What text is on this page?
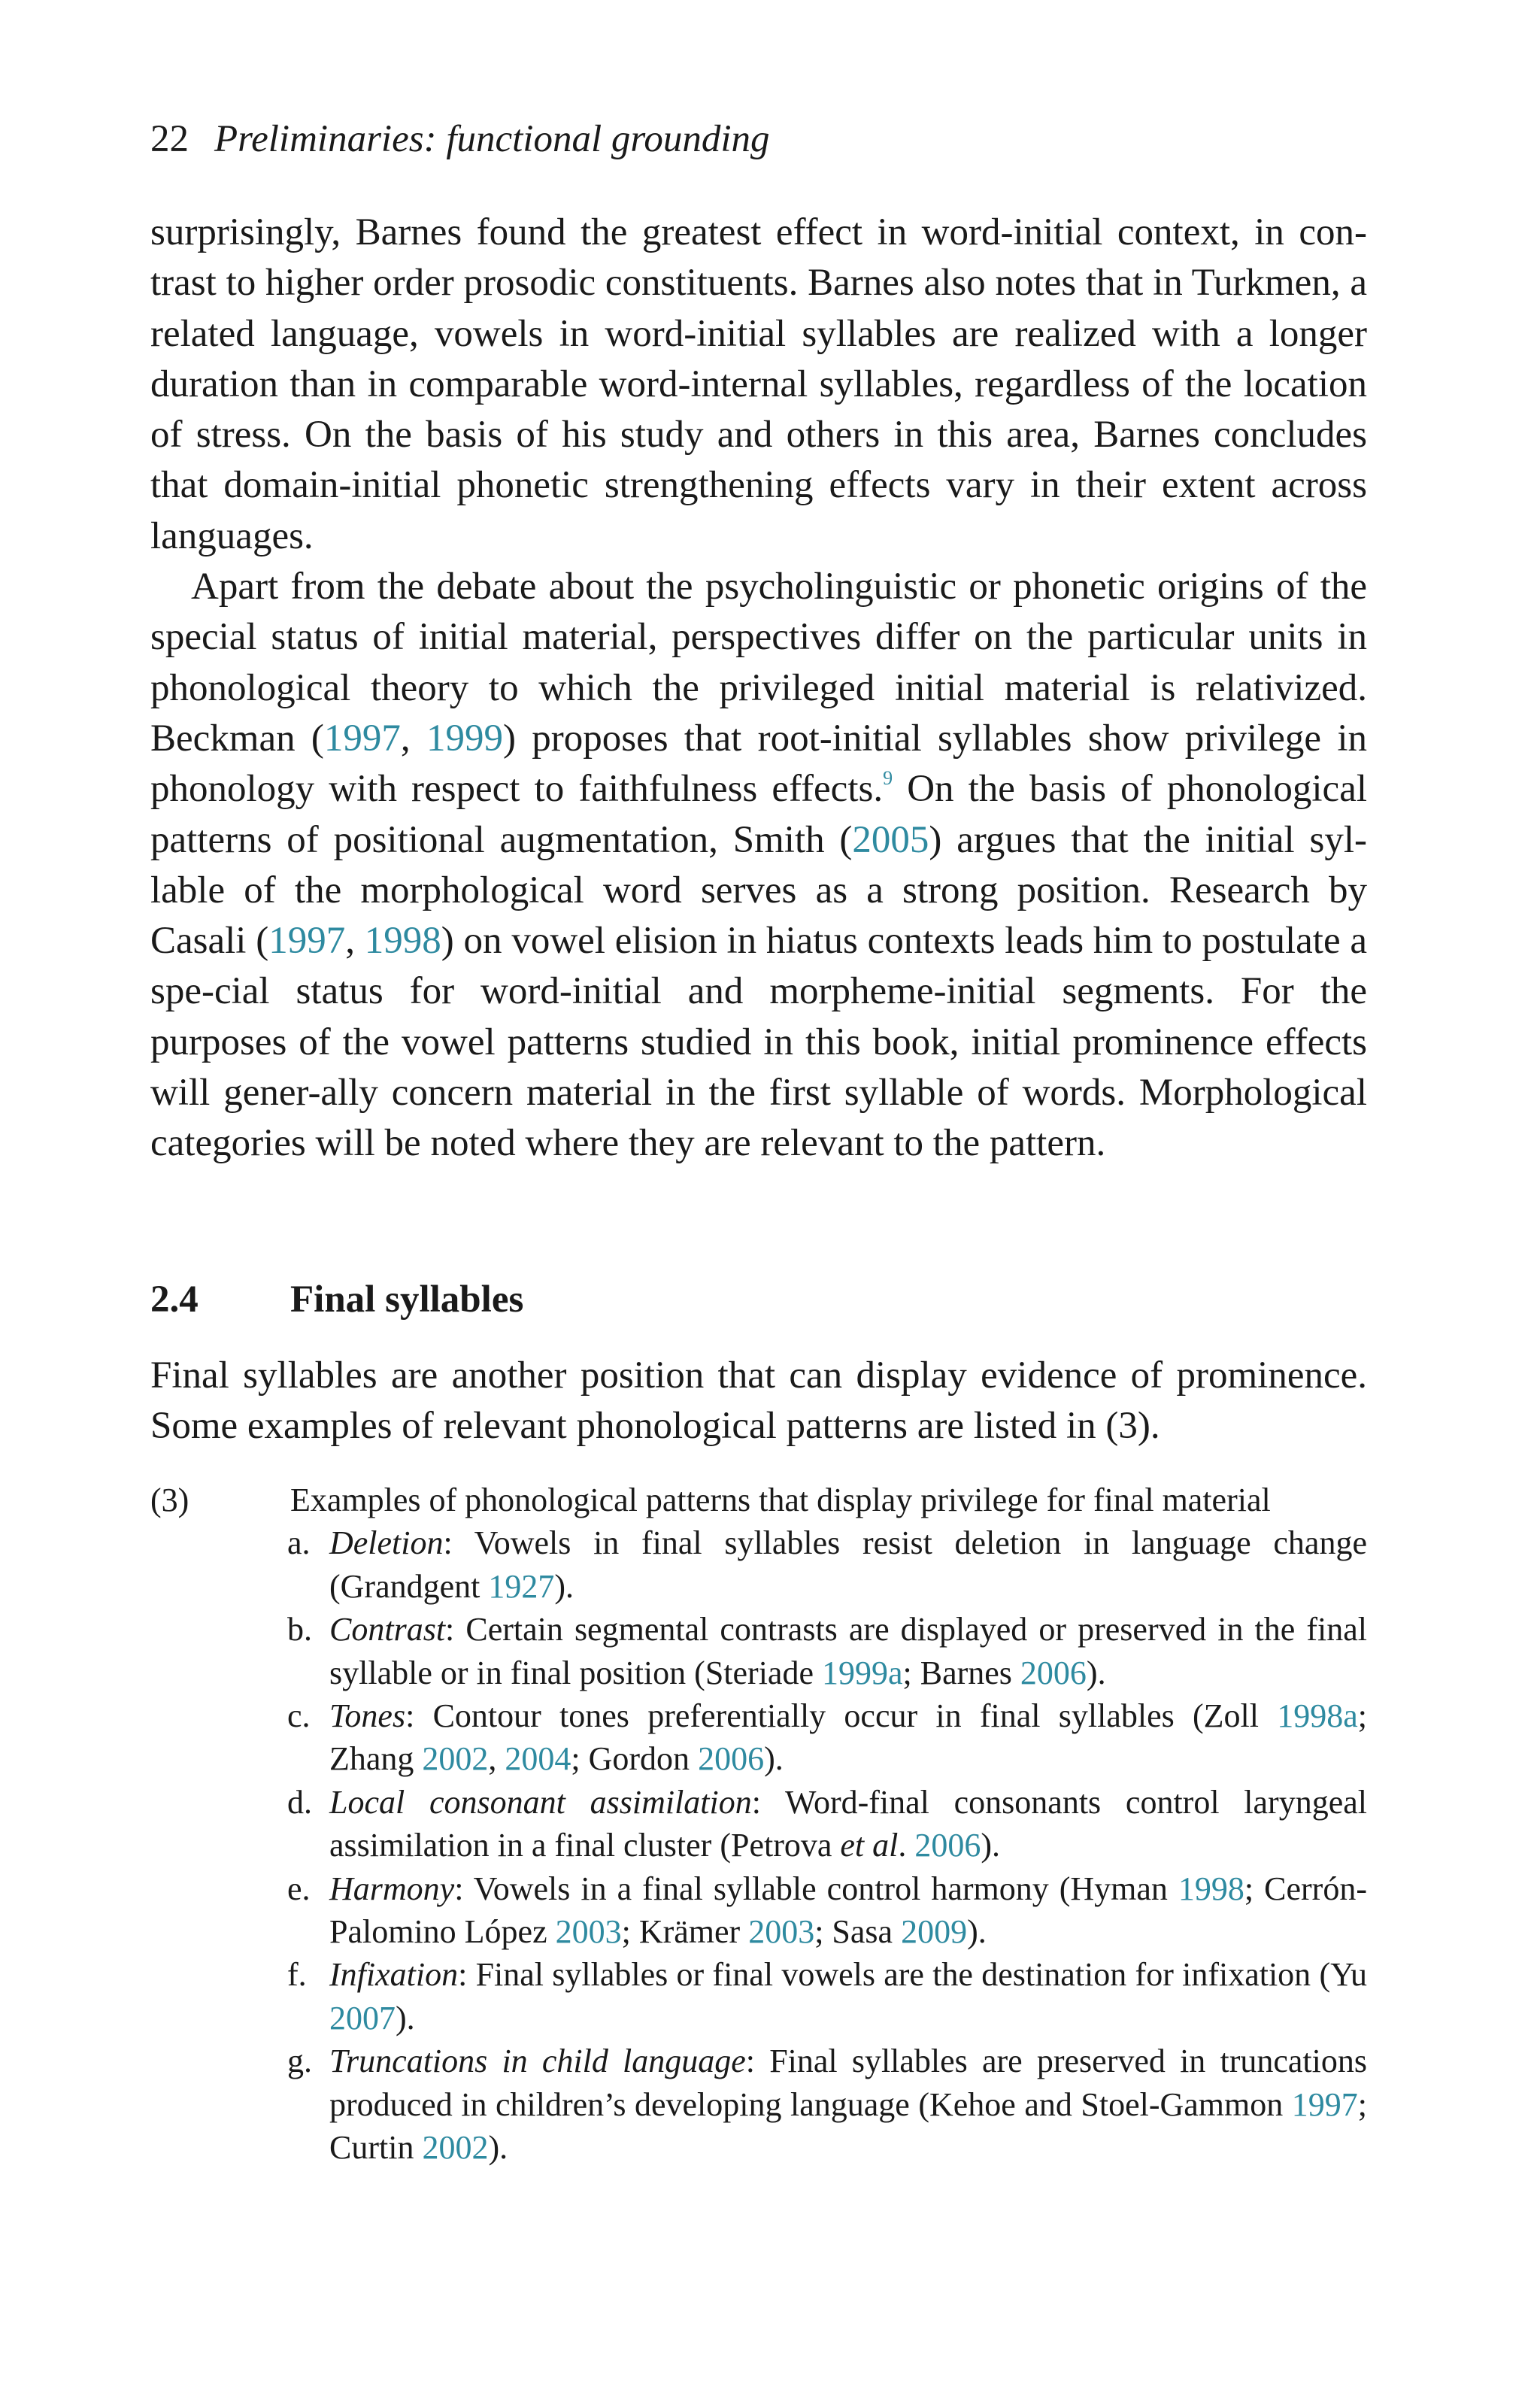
22 Preliminaries: functional grounding

surprisingly, Barnes found the greatest effect in word-initial context, in con-trast to higher order prosodic constituents. Barnes also notes that in Turkmen, a related language, vowels in word-initial syllables are realized with a longer duration than in comparable word-internal syllables, regardless of the location of stress. On the basis of his study and others in this area, Barnes concludes that domain-initial phonetic strengthening effects vary in their extent across languages.

Apart from the debate about the psycholinguistic or phonetic origins of the special status of initial material, perspectives differ on the particular units in phonological theory to which the privileged initial material is relativized. Beckman (1997, 1999) proposes that root-initial syllables show privilege in phonology with respect to faithfulness effects.$^9$ On the basis of phonological patterns of positional augmentation, Smith (2005) argues that the initial syl-lable of the morphological word serves as a strong position. Research by Casali (1997, 1998) on vowel elision in hiatus contexts leads him to postulate a spe-cial status for word-initial and morpheme-initial segments. For the purposes of the vowel patterns studied in this book, initial prominence effects will gener-ally concern material in the first syllable of words. Morphological categories will be noted where they are relevant to the pattern.

2.4 Final syllables

Final syllables are another position that can display evidence of prominence. Some examples of relevant phonological patterns are listed in (3).

(3)	Examples of phonological patterns that display privilege for final material
a. Deletion: Vowels in final syllables resist deletion in language change (Grandgent 1927).
b. Contrast: Certain segmental contrasts are displayed or preserved in the final syllable or in final position (Steriade 1999a; Barnes 2006).
c. Tones: Contour tones preferentially occur in final syllables (Zoll 1998a; Zhang 2002, 2004; Gordon 2006).
d. Local consonant assimilation: Word-final consonants control laryngeal assimilation in a final cluster (Petrova et al. 2006).
e. Harmony: Vowels in a final syllable control harmony (Hyman 1998; Cerrón-Palomino López 2003; Krämer 2003; Sasa 2009).
f. Infixation: Final syllables or final vowels are the destination for infixation (Yu 2007).
g. Truncations in child language: Final syllables are preserved in truncations produced in children’s developing language (Kehoe and Stoel-Gammon 1997; Curtin 2002).
